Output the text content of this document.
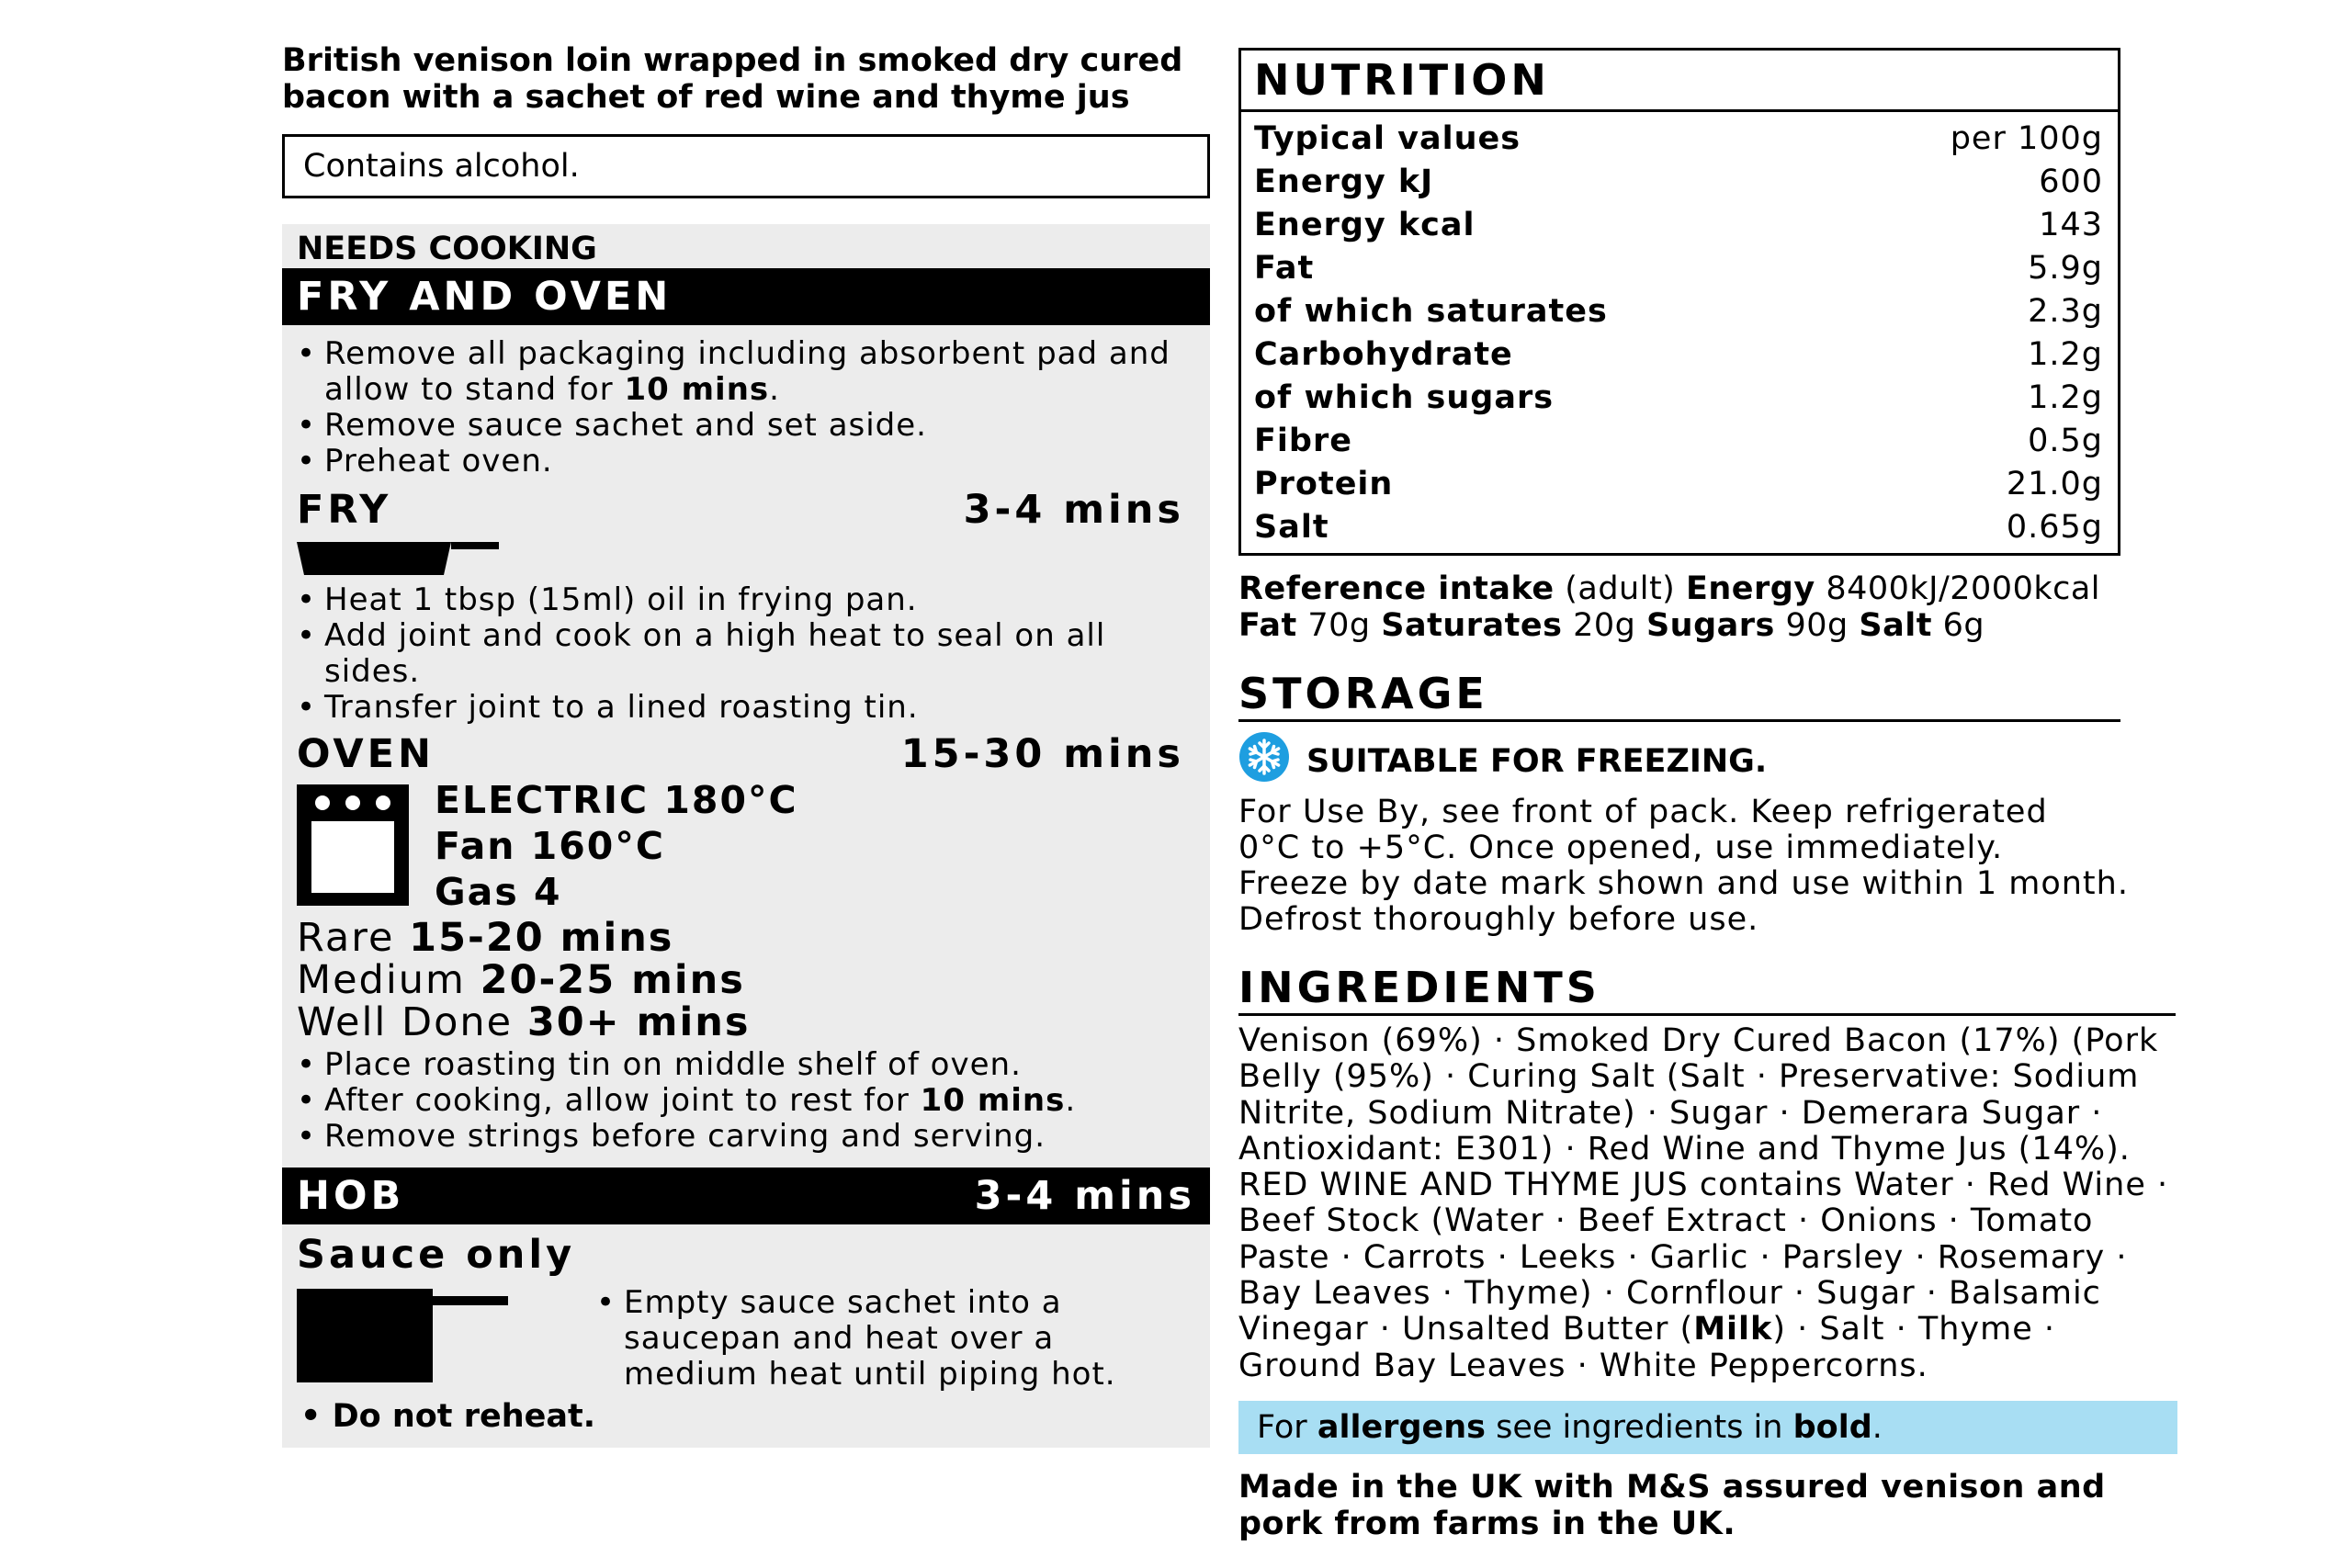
British venison loin wrapped in smoked dry cured bacon with a sachet of red wine and thyme jus

Contains alcohol.
NEEDS COOKING
FRY AND OVEN
• Remove all packaging including absorbent pad and allow to stand for 10 mins.
• Remove sauce sachet and set aside.
• Preheat oven.
FRY	3-4 mins
• Heat 1 tbsp (15ml) oil in frying pan.
• Add joint and cook on a high heat to seal on all sides.
• Transfer joint to a lined roasting tin.
OVEN	15-30 mins
ELECTRIC 180°C
Fan 160°C
Gas 4
Rare 15-20 mins
Medium 20-25 mins
Well Done 30+ mins
• Place roasting tin on middle shelf of oven.
• After cooking, allow joint to rest for 10 mins.
• Remove strings before carving and serving.
HOB	3-4 mins
Sauce only
• Empty sauce sachet into a saucepan and heat over a medium heat until piping hot.
• Do not reheat.
NUTRITION
Typical values	per 100g
Energy kJ	600
Energy kcal	143
Fat	5.9g
of which saturates	2.3g
Carbohydrate	1.2g
of which sugars	1.2g
Fibre	0.5g
Protein	21.0g
Salt	0.65g
Reference intake (adult) Energy 8400kJ/2000kcal
Fat 70g Saturates 20g Sugars 90g Salt 6g
STORAGE
SUITABLE FOR FREEZING.
For Use By, see front of pack. Keep refrigerated
0°C to +5°C. Once opened, use immediately.
Freeze by date mark shown and use within 1 month.
Defrost thoroughly before use.
INGREDIENTS
Venison (69%) · Smoked Dry Cured Bacon (17%) (Pork Belly (95%) · Curing Salt (Salt · Preservative: Sodium Nitrite, Sodium Nitrate) · Sugar · Demerara Sugar · Antioxidant: E301) · Red Wine and Thyme Jus (14%). RED WINE AND THYME JUS contains Water · Red Wine · Beef Stock (Water · Beef Extract · Onions · Tomato Paste · Carrots · Leeks · Garlic · Parsley · Rosemary · Bay Leaves · Thyme) · Cornflour · Sugar · Balsamic Vinegar · Unsalted Butter (Milk) · Salt · Thyme · Ground Bay Leaves · White Peppercorns.
For allergens see ingredients in bold.
Made in the UK with M&S assured venison and pork from farms in the UK.
